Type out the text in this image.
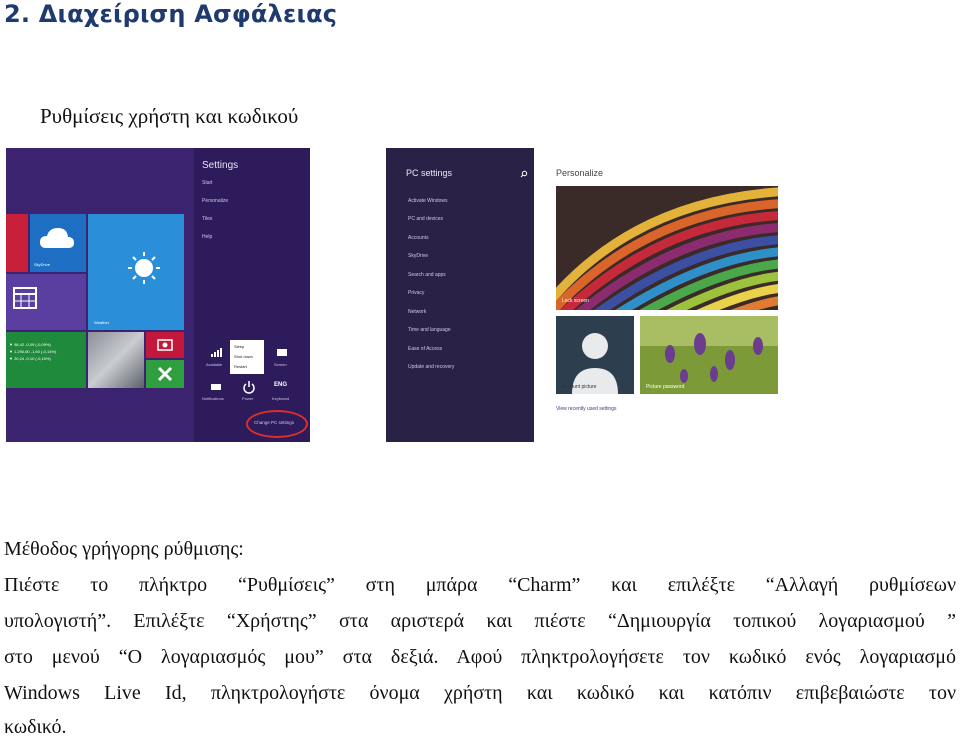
2. Διαχείριση Ασφάλειας
Ρυθμίσεις χρήστη και κωδικού
SkyDrive
Weather
▼ 98,42 -0,09 (-0,09%)
▼ 1.290,60 -1,60 (-0,14%)
▼ 20,24 -0,10 (-0,15%)
Settings
Start
Personalize
Tiles
Help
Sleep
Shut down
Restart
Available	Screen
Notifications	Power
ENG
Keyboard
Change PC settings
PC settings
Activate Windows
PC and devices
Accounts
SkyDrive
Search and apps
Privacy
Network
Time and language
Ease of Access
Update and recovery
Personalize
Lock screen
Account picture	Picture password
View recently used settings
Μέθοδος γρήγορης ρύθμισης:
Πιέστε το πλήκτρο “Ρυθμίσεις” στη μπάρα “Charm” και επιλέξτε “Αλλαγή ρυθμίσεων
υπολογιστή”. Επιλέξτε “Χρήστης” στα αριστερά και πιέστε “Δημιουργία τοπικού λογαριασμού ”
στο μενού “Ο λογαριασμός μου” στα δεξιά. Αφού πληκτρολογήσετε τον κωδικό ενός λογαριασμό
Windows Live Id, πληκτρολογήστε όνομα χρήστη και κωδικό και κατόπιν επιβεβαιώστε τον
κωδικό.
